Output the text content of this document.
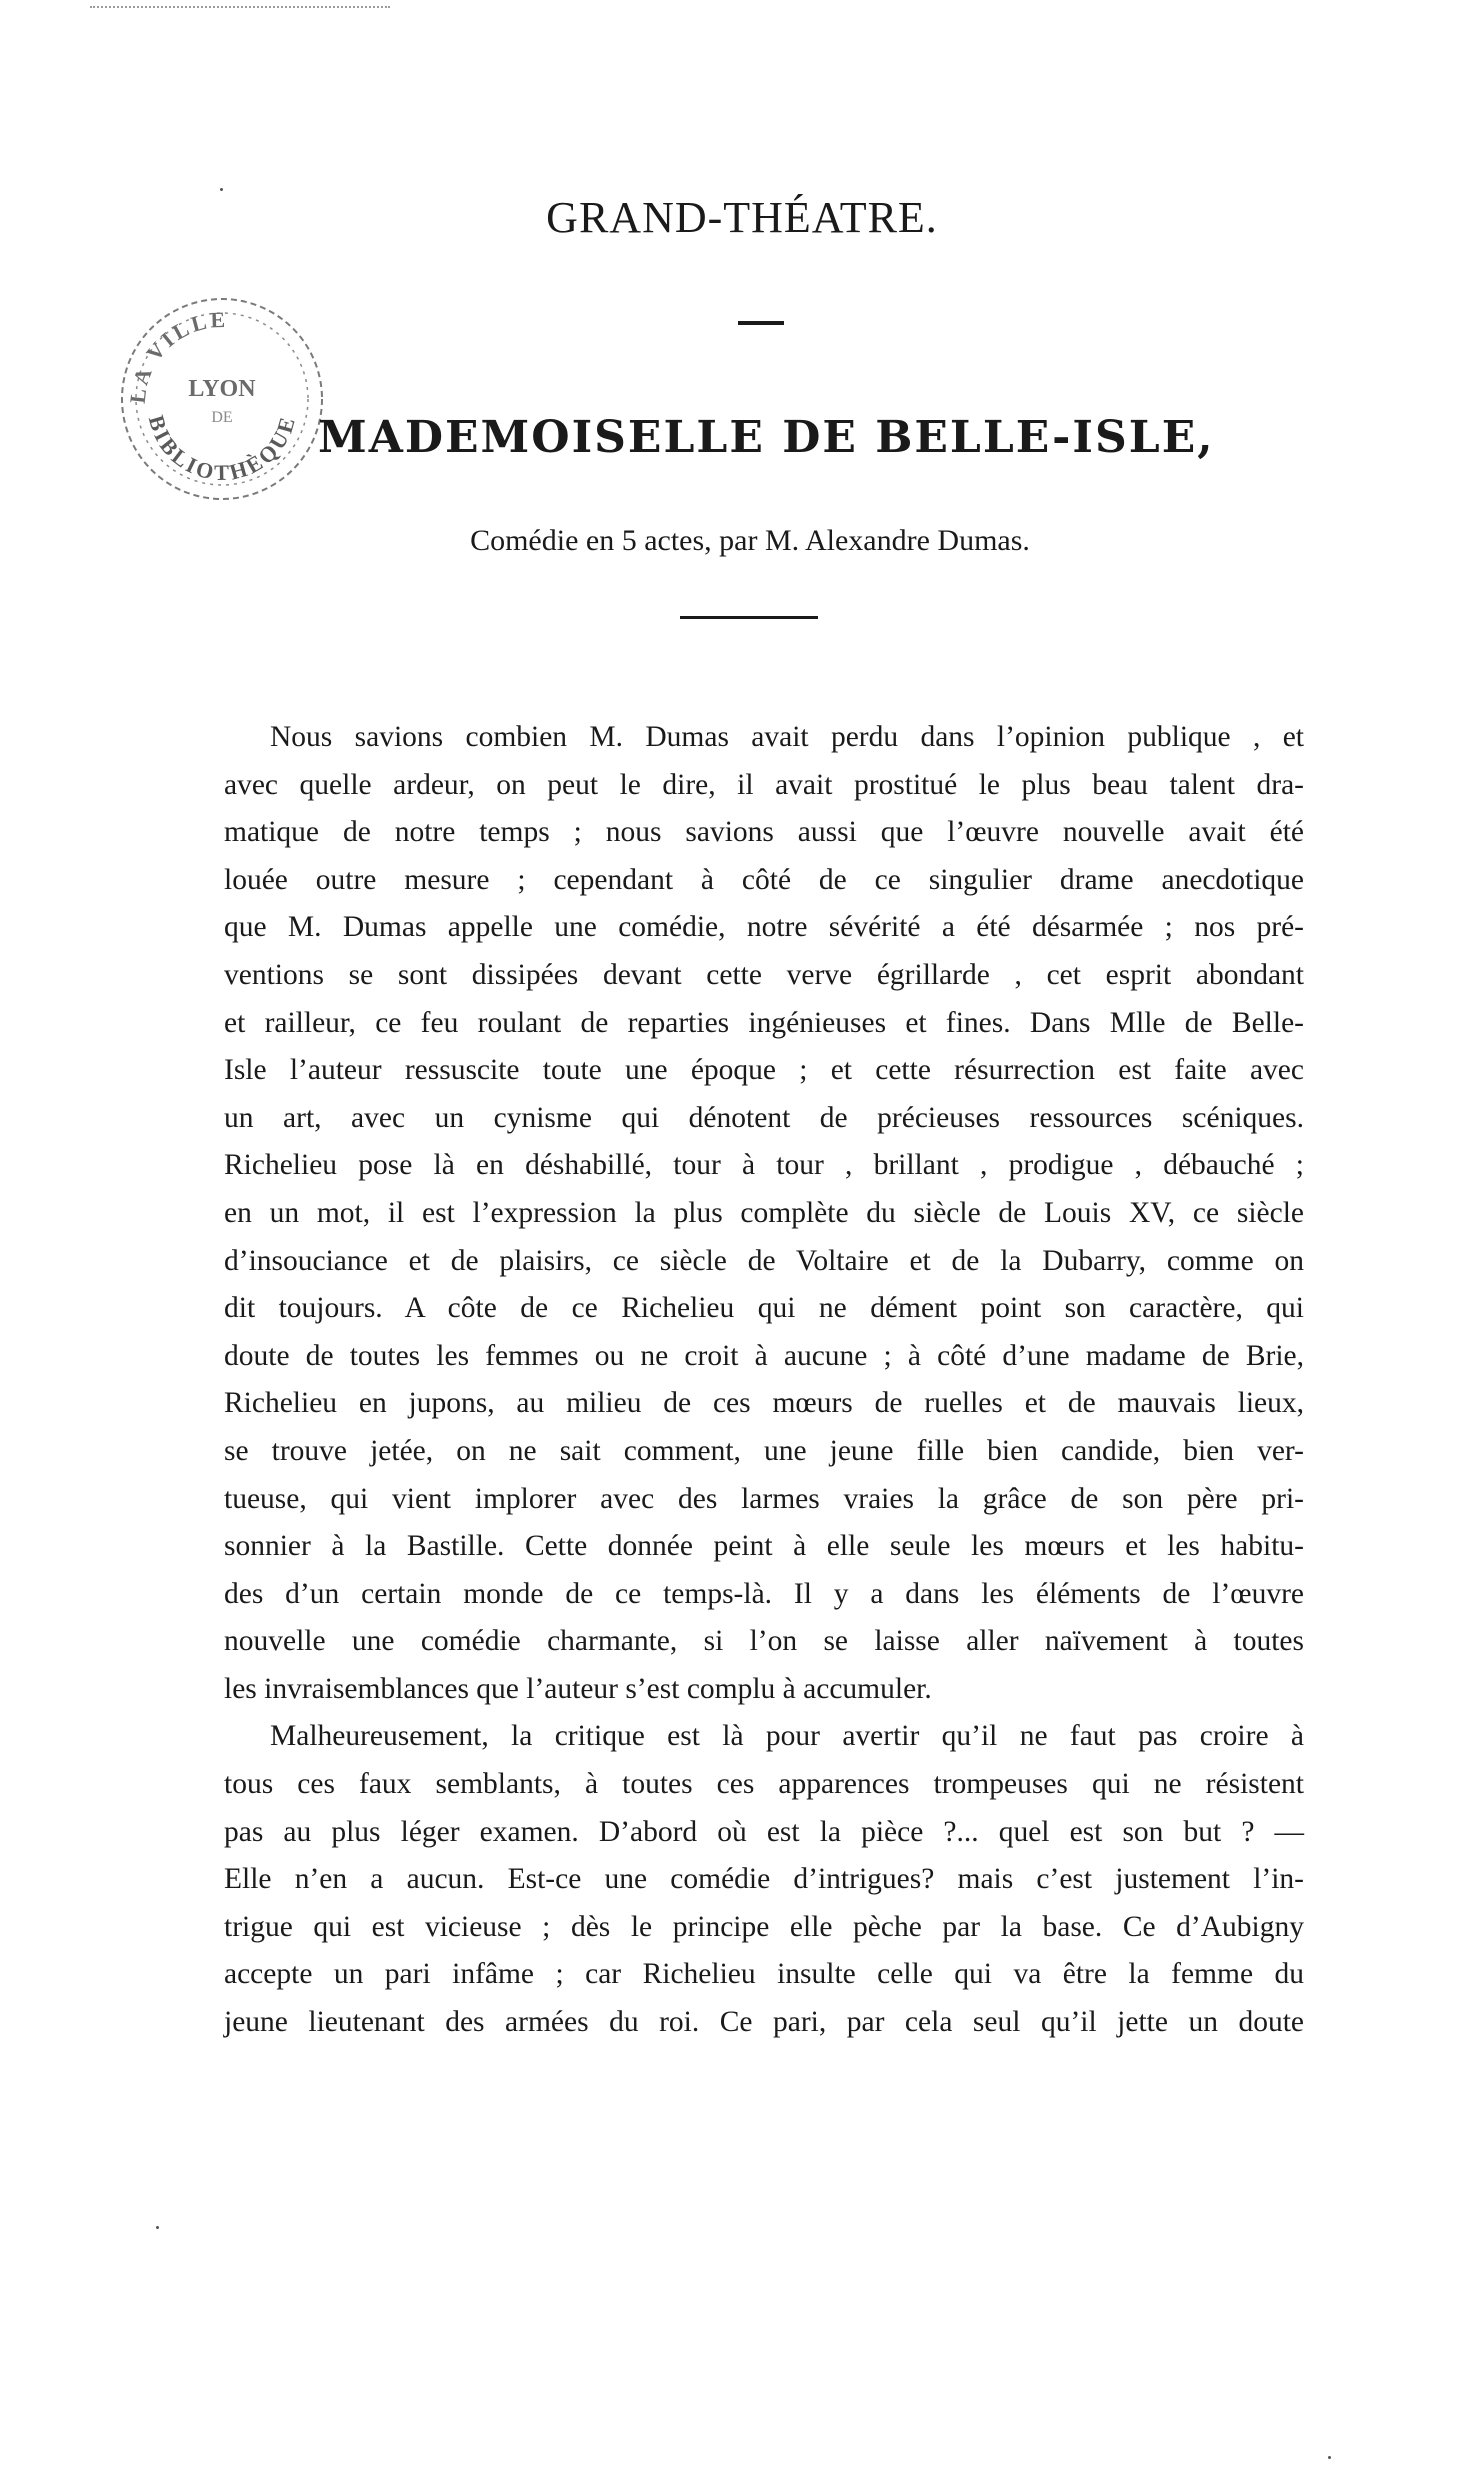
GRAND-THÉATRE.
LA VILLE
BIBLIOTHÈQUE
LYON
DE MADEMOISELLE DE BELLE-ISLE,
Comédie en 5 actes, par M. Alexandre Dumas.
Nous savions combien M. Dumas avait perdu dans l’opinion publique , et
avec quelle ardeur, on peut le dire, il avait prostitué le plus beau talent dra-
matique de notre temps ; nous savions aussi que l’œuvre nouvelle avait été
louée outre mesure ; cependant à côté de ce singulier drame anecdotique
que M. Dumas appelle une comédie, notre sévérité a été désarmée ; nos pré-
ventions se sont dissipées devant cette verve égrillarde , cet esprit abondant
et railleur, ce feu roulant de reparties ingénieuses et fines. Dans Mlle de Belle-
Isle l’auteur ressuscite toute une époque ; et cette résurrection est faite avec
un art, avec un cynisme qui dénotent de précieuses ressources scéniques.
Richelieu pose là en déshabillé, tour à tour , brillant , prodigue , débauché ;
en un mot, il est l’expression la plus complète du siècle de Louis XV, ce siècle
d’insouciance et de plaisirs, ce siècle de Voltaire et de la Dubarry, comme on
dit toujours. A côte de ce Richelieu qui ne dément point son caractère, qui
doute de toutes les femmes ou ne croit à aucune ; à côté d’une madame de Brie,
Richelieu en jupons, au milieu de ces mœurs de ruelles et de mauvais lieux,
se trouve jetée, on ne sait comment, une jeune fille bien candide, bien ver-
tueuse, qui vient implorer avec des larmes vraies la grâce de son père pri-
sonnier à la Bastille. Cette donnée peint à elle seule les mœurs et les habitu-
des d’un certain monde de ce temps-là. Il y a dans les éléments de l’œuvre
nouvelle une comédie charmante, si l’on se laisse aller naïvement à toutes
les invraisemblances que l’auteur s’est complu à accumuler.
Malheureusement, la critique est là pour avertir qu’il ne faut pas croire à
tous ces faux semblants, à toutes ces apparences trompeuses qui ne résistent
pas au plus léger examen. D’abord où est la pièce ?... quel est son but ? —
Elle n’en a aucun. Est-ce une comédie d’intrigues? mais c’est justement l’in-
trigue qui est vicieuse ; dès le principe elle pèche par la base. Ce d’Aubigny
accepte un pari infâme ; car Richelieu insulte celle qui va être la femme du
jeune lieutenant des armées du roi. Ce pari, par cela seul qu’il jette un doute
